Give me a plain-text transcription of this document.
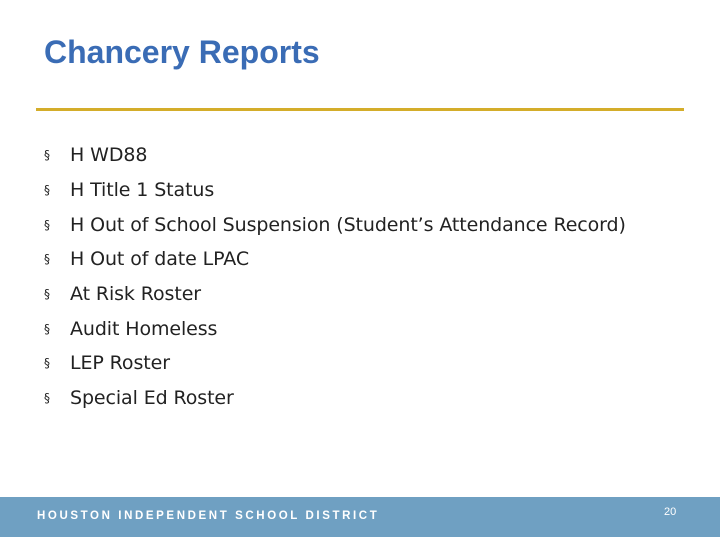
Chancery Reports
§	H WD88
§	H Title 1 Status
§	H Out of School Suspension (Student’s Attendance Record)
§	H Out of date LPAC
§	At Risk Roster
§	Audit Homeless
§	LEP Roster
§	Special Ed Roster
HOUSTON INDEPENDENT SCHOOL DISTRICT	20
